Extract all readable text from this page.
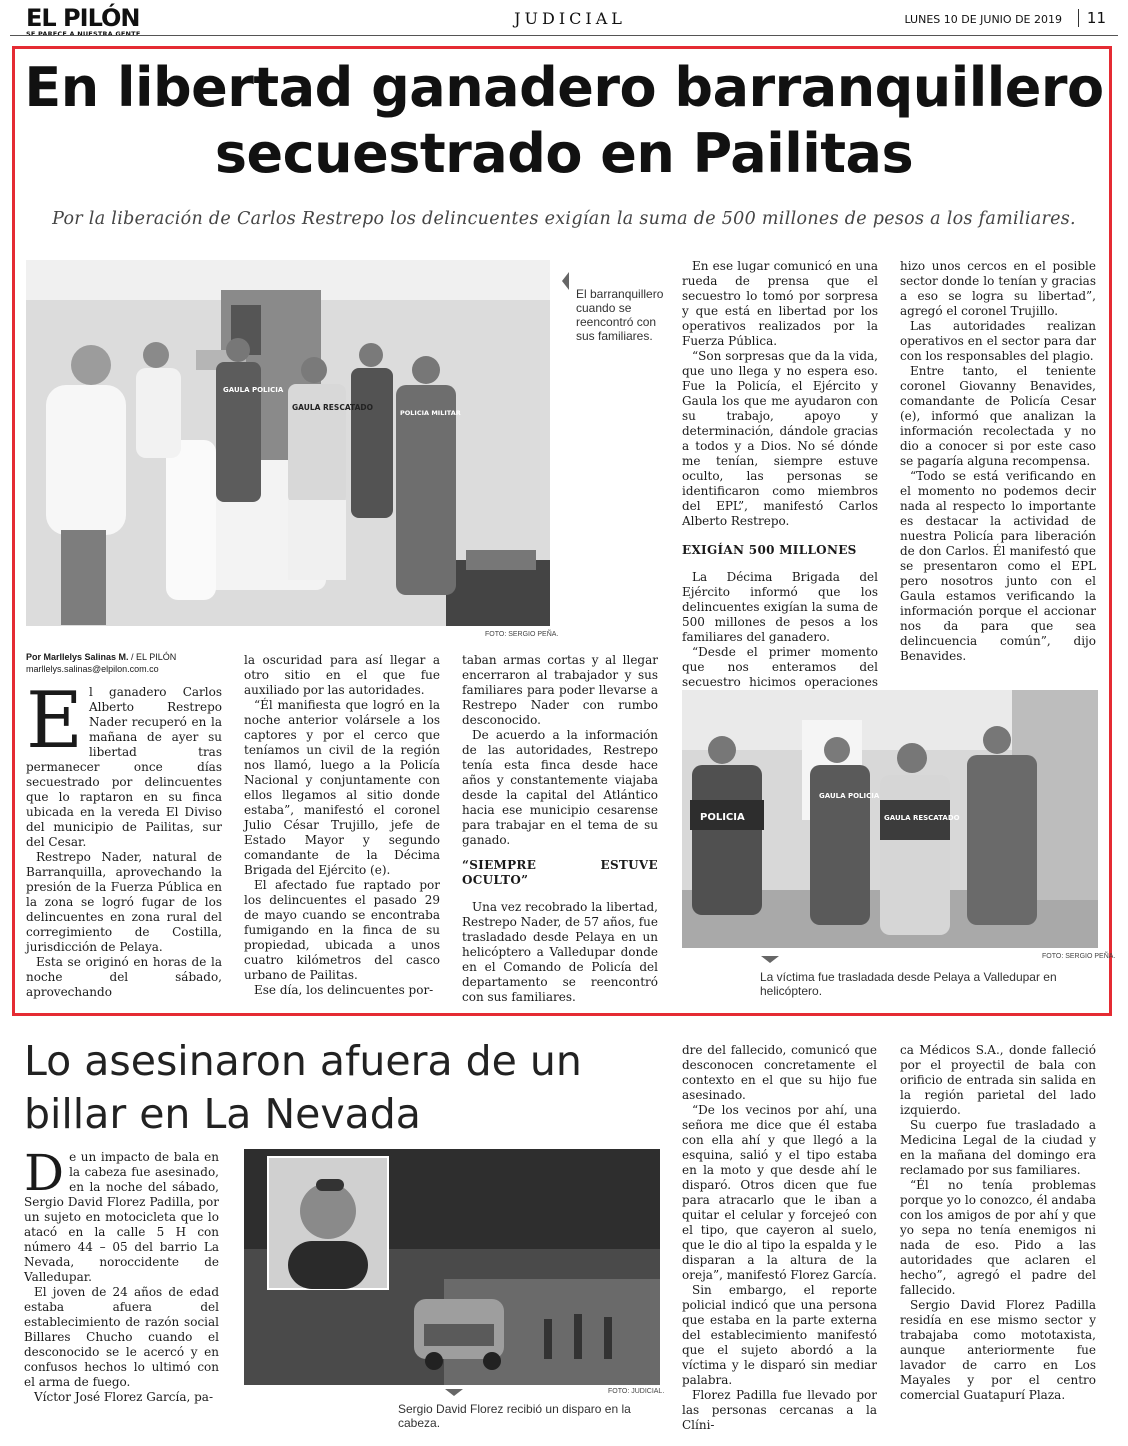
EL PILÓN
SE PARECE A NUESTRA GENTE
JUDICIAL	LUNES 10 DE JUNIO DE 2019	11
En libertad ganadero barranquillero secuestrado en Pailitas
Por la liberación de Carlos Restrepo los delincuentes exigían la suma de 500 millones de pesos a los familiares.
GAULA POLICIA
GAULA RESCATADO
POLICIA MILITAR
El barranquillero cuando se reencontró con sus familiares.
FOTO: SERGIO PEÑA.
Por Marllelys Salinas M. / EL PILÓN
marllelys.salinas@elpilon.com.co
E l ganadero Carlos Alberto Restrepo Nader recuperó en la mañana de ayer su libertad tras permanecer once días secuestrado por delincuentes que lo raptaron en su finca ubicada en la vereda El Diviso del municipio de Pailitas, sur del Cesar.

Restrepo Nader, natural de Barranquilla, aprovechando la presión de la Fuerza Pública en la zona se logró fugar de los delincuentes en zona rural del corregimiento de Costilla, jurisdicción de Pelaya.

Esta se originó en horas de la noche del sábado, aprovechando

la oscuridad para así llegar a otro sitio en el que fue auxiliado por las autoridades.

“Él manifiesta que logró en la noche anterior volársele a los captores y por el cerco que teníamos un civil de la región nos llamó, luego a la Policía Nacional y conjuntamente con ellos llegamos al sitio donde estaba”, manifestó el coronel Julio César Trujillo, jefe de Estado Mayor y segundo comandante de la Décima Brigada del Ejército (e).

El afectado fue raptado por los delincuentes el pasado 29 de mayo cuando se encontraba fumigando en la finca de su propiedad, ubicada a unos cuatro kilómetros del casco urbano de Pailitas.

Ese día, los delincuentes por-

taban armas cortas y al llegar encerraron al trabajador y sus familiares para poder llevarse a Restrepo Nader con rumbo desconocido.

De acuerdo a la información de las autoridades, Restrepo tenía esta finca desde hace años y constantemente viajaba desde la capital del Atlántico hacia ese municipio cesarense para trabajar en el tema de su ganado.

“SIEMPRE ESTUVE OCULTO”

Una vez recobrado la libertad, Restrepo Nader, de 57 años, fue trasladado desde Pelaya en un helicóptero a Valledupar donde en el Comando de Policía del departamento se reencontró con sus familiares.

En ese lugar comunicó en una rueda de prensa que el secuestro lo tomó por sorpresa y que está en libertad por los operativos realizados por la Fuerza Pública.

“Son sorpresas que da la vida, que uno llega y no espera eso. Fue la Policía, el Ejército y Gaula los que me ayudaron con su trabajo, apoyo y determinación, dándole gracias a todos y a Dios. No sé dónde me tenían, siempre estuve oculto, las personas se identificaron como miembros del EPL”, manifestó Carlos Alberto Restrepo.

EXIGÍAN 500 MILLONES

La Décima Brigada del Ejército informó que los delincuentes exigían la suma de 500 millones de pesos a los familiares del ganadero.

“Desde el primer momento que nos enteramos del secuestro hicimos operaciones

hizo unos cercos en el posible sector donde lo tenían y gracias a eso se logra su libertad”, agregó el coronel Trujillo.

Las autoridades realizan operativos en el sector para dar con los responsables del plagio.

Entre tanto, el teniente coronel Giovanny Benavides, comandante de Policía Cesar (e), informó que analizan la información recolectada y no dio a conocer si por este caso se pagaría alguna recompensa.

“Todo se está verificando en el momento no podemos decir nada al respecto lo importante es destacar la actividad de nuestra Policía para liberación de don Carlos. Él manifestó que se presentaron como el EPL pero nosotros junto con el Gaula estamos verificando la información porque el accionar nos da para que sea delincuencia común”, dijo Benavides.

POLICIA
GAULA POLICIA
GAULA RESCATADO
FOTO: SERGIO PEÑA.
La víctima fue trasladada desde Pelaya a Valledupar en helicóptero.
Lo asesinaron afuera de un billar en La Nevada
D e un impacto de bala en la cabeza fue asesinado, en la noche del sábado, Sergio David Florez Padilla, por un sujeto en motocicleta que lo atacó en la calle 5 H con número 44 – 05 del barrio La Nevada, noroccidente de Valledupar.

El joven de 24 años de edad estaba afuera del establecimiento de razón social Billares Chucho cuando el desconocido se le acercó y en confusos hechos lo ultimó con el arma de fuego.

Víctor José Florez García, pa-	FOTO: JUDICIAL.
Sergio David Florez recibió un disparo en la cabeza.

dre del fallecido, comunicó que desconocen concretamente el contexto en el que su hijo fue asesinado.

“De los vecinos por ahí, una señora me dice que él estaba con ella ahí y que llegó a la esquina, salió y el tipo estaba en la moto y que desde ahí le disparó. Otros dicen que fue para atracarlo que le iban a quitar el celular y forcejeó con el tipo, que cayeron al suelo, que le dio al tipo la espalda y le disparan a la altura de la oreja”, manifestó Florez García.

Sin embargo, el reporte policial indicó que una persona que estaba en la parte externa del establecimiento manifestó que el sujeto abordó a la víctima y le disparó sin mediar palabra.

Florez Padilla fue llevado por las personas cercanas a la Clíni-

ca Médicos S.A., donde falleció por el proyectil de bala con orificio de entrada sin salida en la región parietal del lado izquierdo.

Su cuerpo fue trasladado a Medicina Legal de la ciudad y en la mañana del domingo era reclamado por sus familiares.

“Él no tenía problemas porque yo lo conozco, él andaba con los amigos de por ahí y que yo sepa no tenía enemigos ni nada de eso. Pido a las autoridades que aclaren el hecho”, agregó el padre del fallecido.

Sergio David Florez Padilla residía en ese mismo sector y trabajaba como mototaxista, aunque anteriormente fue lavador de carro en Los Mayales y por el centro comercial Guatapurí Plaza.
